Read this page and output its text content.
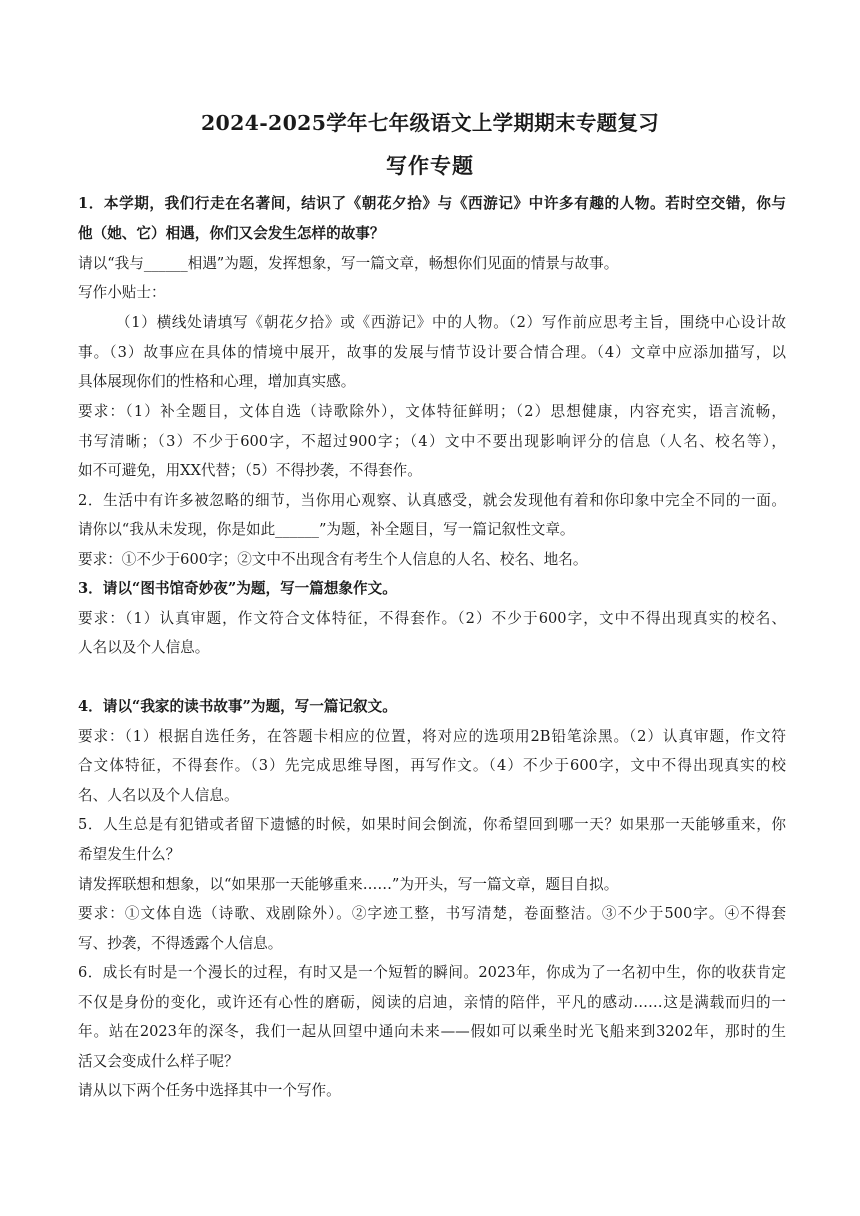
2024-2025学年七年级语文上学期期末专题复习
写作专题
1．本学期，我们行走在名著间，结识了《朝花夕拾》与《西游记》中许多有趣的人物。若时空交错，你与
他（她、它）相遇，你们又会发生怎样的故事？
请以“我与______相遇”为题，发挥想象，写一篇文章，畅想你们见面的情景与故事。
写作小贴士：
（1）横线处请填写《朝花夕拾》或《西游记》中的人物。（2）写作前应思考主旨，围绕中心设计故
事。（3）故事应在具体的情境中展开，故事的发展与情节设计要合情合理。（4）文章中应添加描写，以
具体展现你们的性格和心理，增加真实感。
要求：（1）补全题目，文体自选（诗歌除外），文体特征鲜明；（2）思想健康，内容充实，语言流畅，
书写清晰；（3）不少于600字，不超过900字；（4）文中不要出现影响评分的信息（人名、校名等），
如不可避免，用XX代替；（5）不得抄袭，不得套作。
2．生活中有许多被忽略的细节，当你用心观察、认真感受，就会发现他有着和你印象中完全不同的一面。
请你以“我从未发现，你是如此______”为题，补全题目，写一篇记叙性文章。
要求：①不少于600字；②文中不出现含有考生个人信息的人名、校名、地名。
3．请以“图书馆奇妙夜”为题，写一篇想象作文。
要求：（1）认真审题，作文符合文体特征，不得套作。（2）不少于600字，文中不得出现真实的校名、
人名以及个人信息。
4．请以“我家的读书故事”为题，写一篇记叙文。
要求：（1）根据自选任务，在答题卡相应的位置，将对应的选项用2B铅笔涂黑。（2）认真审题，作文符
合文体特征，不得套作。（3）先完成思维导图，再写作文。（4）不少于600字，文中不得出现真实的校
名、人名以及个人信息。
5．人生总是有犯错或者留下遗憾的时候，如果时间会倒流，你希望回到哪一天？如果那一天能够重来，你
希望发生什么？
请发挥联想和想象，以“如果那一天能够重来……”为开头，写一篇文章，题目自拟。
要求：①文体自选（诗歌、戏剧除外）。②字迹工整，书写清楚，卷面整洁。③不少于500字。④不得套
写、抄袭，不得透露个人信息。
6．成长有时是一个漫长的过程，有时又是一个短暂的瞬间。2023年，你成为了一名初中生，你的收获肯定
不仅是身份的变化，或许还有心性的磨砺，阅读的启迪，亲情的陪伴，平凡的感动……这是满载而归的一
年。站在2023年的深冬，我们一起从回望中通向未来——假如可以乘坐时光飞船来到3202年，那时的生
活又会变成什么样子呢？
请从以下两个任务中选择其中一个写作。
